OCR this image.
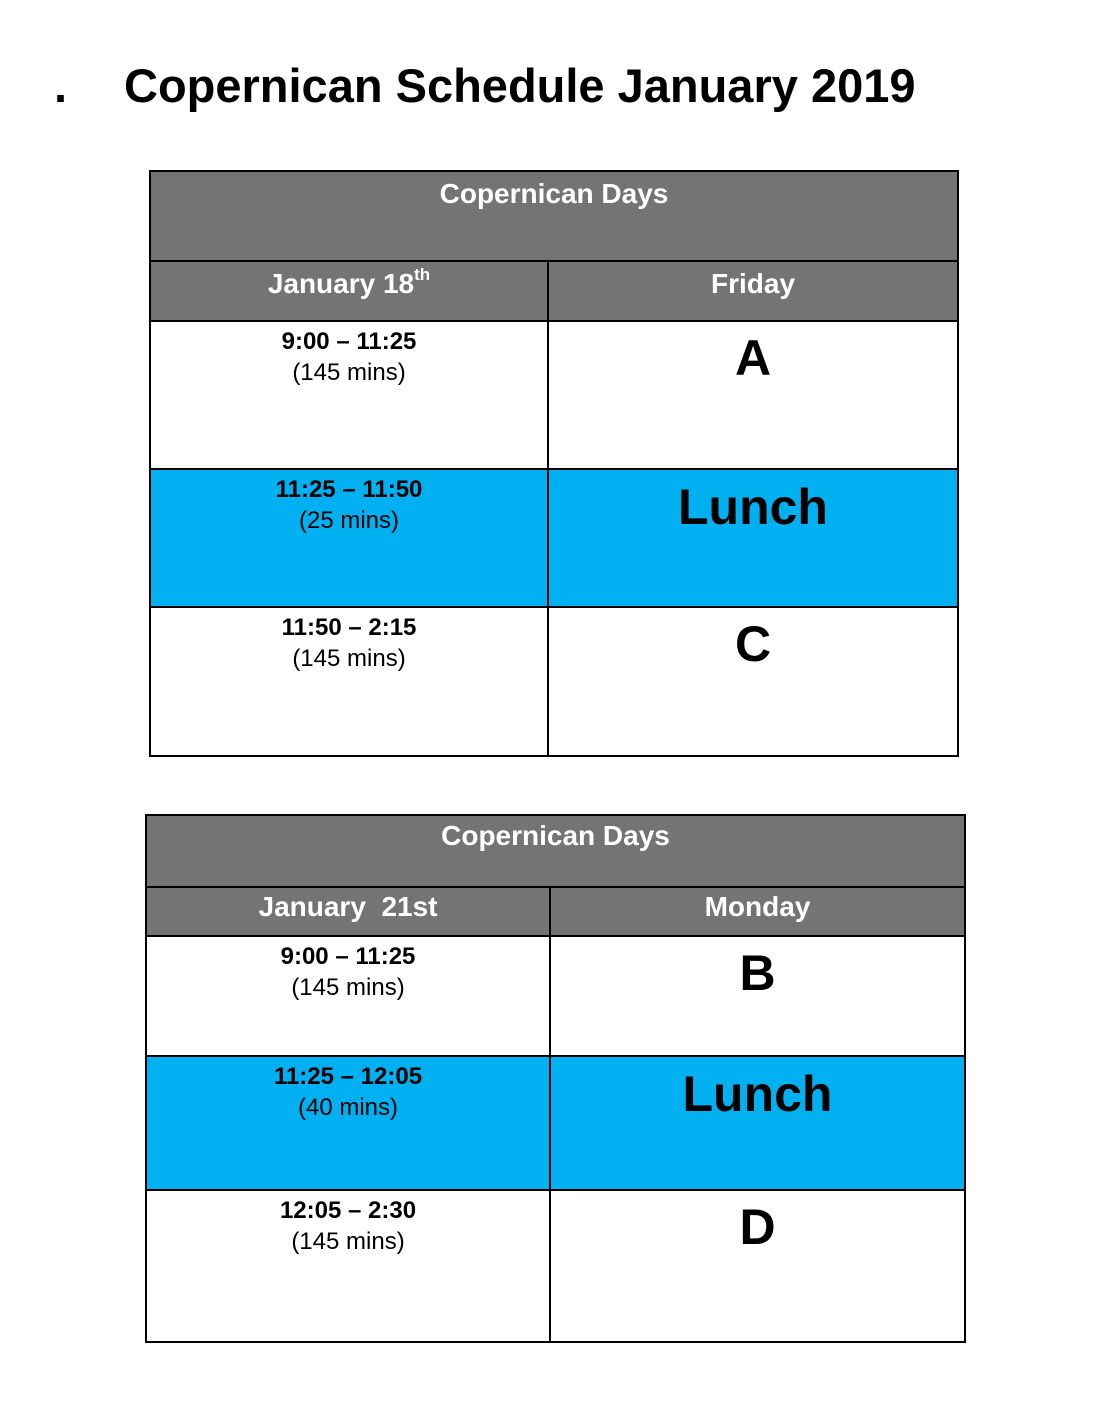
. Copernican Schedule January 2019
Copernican Days	
January 18th	Friday

9:00 – 11:25
(145 mins)	A

11:25 – 11:50
(25 mins)	Lunch

11:50 – 2:15
(145 mins)	C
Copernican Days	
January  21st	Monday

9:00 – 11:25
(145 mins)	B

11:25 – 12:05
(40 mins)	Lunch

12:05 – 2:30
(145 mins)	D
